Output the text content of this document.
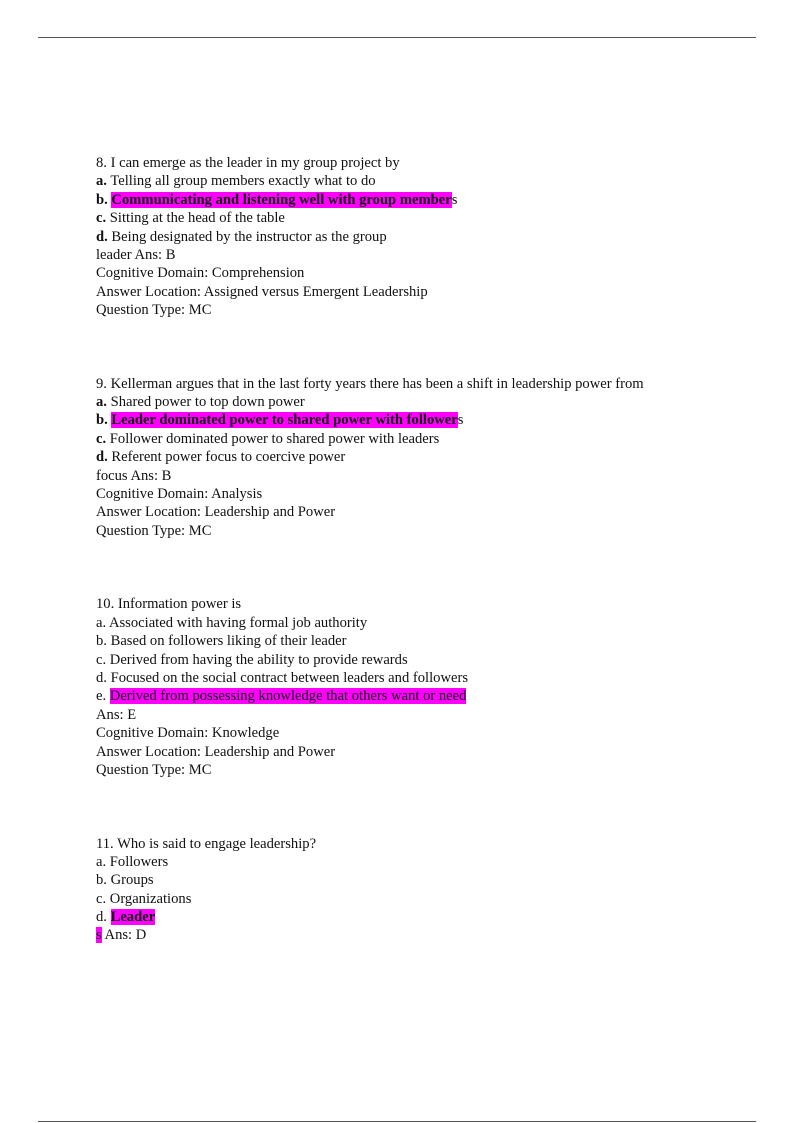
8. I can emerge as the leader in my group project by
a. Telling all group members exactly what to do
b. Communicating and listening well with group members
c. Sitting at the head of the table
d. Being designated by the instructor as the group
leader Ans: B
Cognitive Domain: Comprehension
Answer Location: Assigned versus Emergent Leadership
Question Type: MC
9. Kellerman argues that in the last forty years there has been a shift in leadership power from
a. Shared power to top down power
b. Leader dominated power to shared power with followers
c. Follower dominated power to shared power with leaders
d. Referent power focus to coercive power
focus Ans: B
Cognitive Domain: Analysis
Answer Location: Leadership and Power
Question Type: MC
10. Information power is
a. Associated with having formal job authority
b. Based on followers liking of their leader
c. Derived from having the ability to provide rewards
d. Focused on the social contract between leaders and followers
e. Derived from possessing knowledge that others want or need
Ans: E
Cognitive Domain: Knowledge
Answer Location: Leadership and Power
Question Type: MC
11. Who is said to engage leadership?
a. Followers
b. Groups
c. Organizations
d. Leader
s Ans: D
